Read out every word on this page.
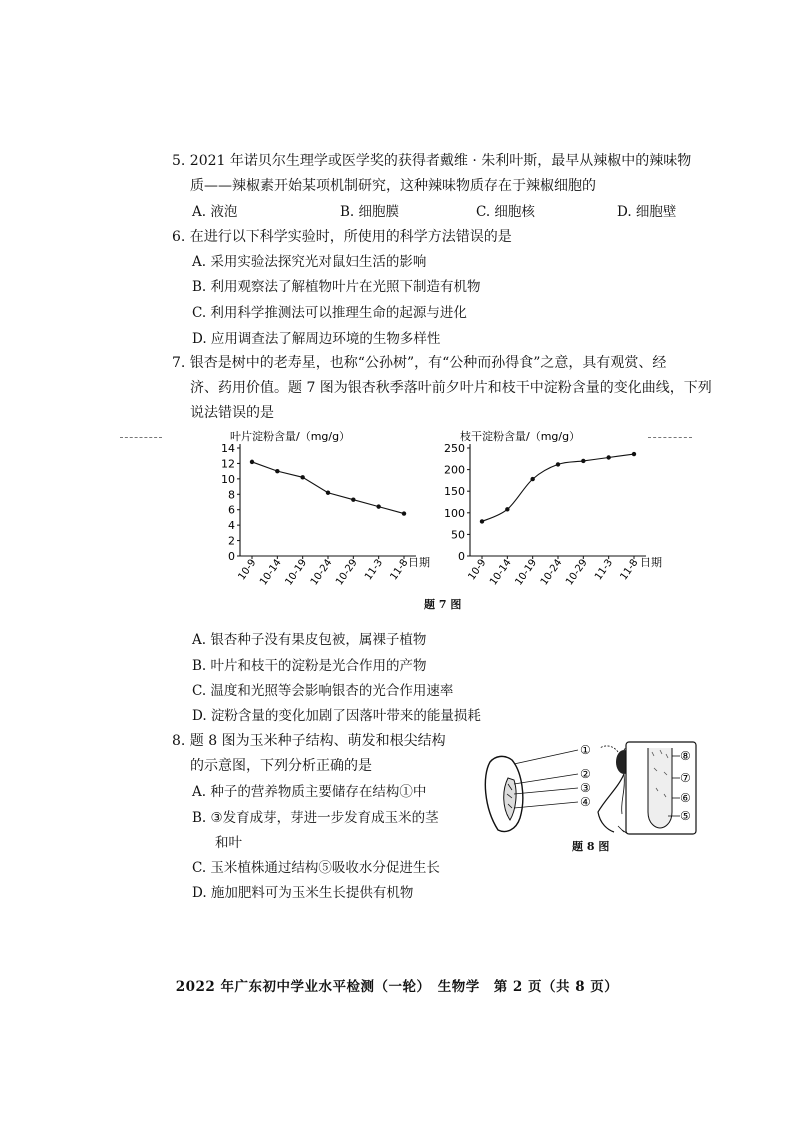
5. 2021 年诺贝尔生理学或医学奖的获得者戴维 · 朱利叶斯，最早从辣椒中的辣味物
质——辣椒素开始某项机制研究，这种辣味物质存在于辣椒细胞的
A. 液泡	B. 细胞膜	C. 细胞核	D. 细胞壁
6. 在进行以下科学实验时，所使用的科学方法错误的是
A. 采用实验法探究光对鼠妇生活的影响
B. 利用观察法了解植物叶片在光照下制造有机物
C. 利用科学推测法可以推理生命的起源与进化
D. 应用调查法了解周边环境的生物多样性
7. 银杏是树中的老寿星，也称“公孙树”，有“公种而孙得食”之意，具有观赏、经
济、药用价值。题 7 图为银杏秋季落叶前夕叶片和枝干中淀粉含量的变化曲线，下列
说法错误的是
叶片淀粉含量/（mg/g）
0
2
4
6
8
10
12
14
10-9 10-14 10-19 10-24 10-29 11-3 11-8
日期
枝干淀粉含量/（mg/g）
0
50
100
150
200
250
10-9 10-14 10-19 10-24 10-29 11-3 11-8 日期
题 7 图
A. 银杏种子没有果皮包被，属裸子植物
B. 叶片和枝干的淀粉是光合作用的产物
C. 温度和光照等会影响银杏的光合作用速率
D. 淀粉含量的变化加剧了因落叶带来的能量损耗
8. 题 8 图为玉米种子结构、萌发和根尖结构
的示意图，下列分析正确的是
A. 种子的营养物质主要储存在结构①中
B. ③发育成芽，芽进一步发育成玉米的茎
和叶
C. 玉米植株通过结构⑤吸收水分促进生长
D. 施加肥料可为玉米生长提供有机物
①
②
③
④
⑧
⑦
⑥
⑤
题 8 图
2022 年广东初中学业水平检测（一轮）　生物学　第 2 页（共 8 页）
